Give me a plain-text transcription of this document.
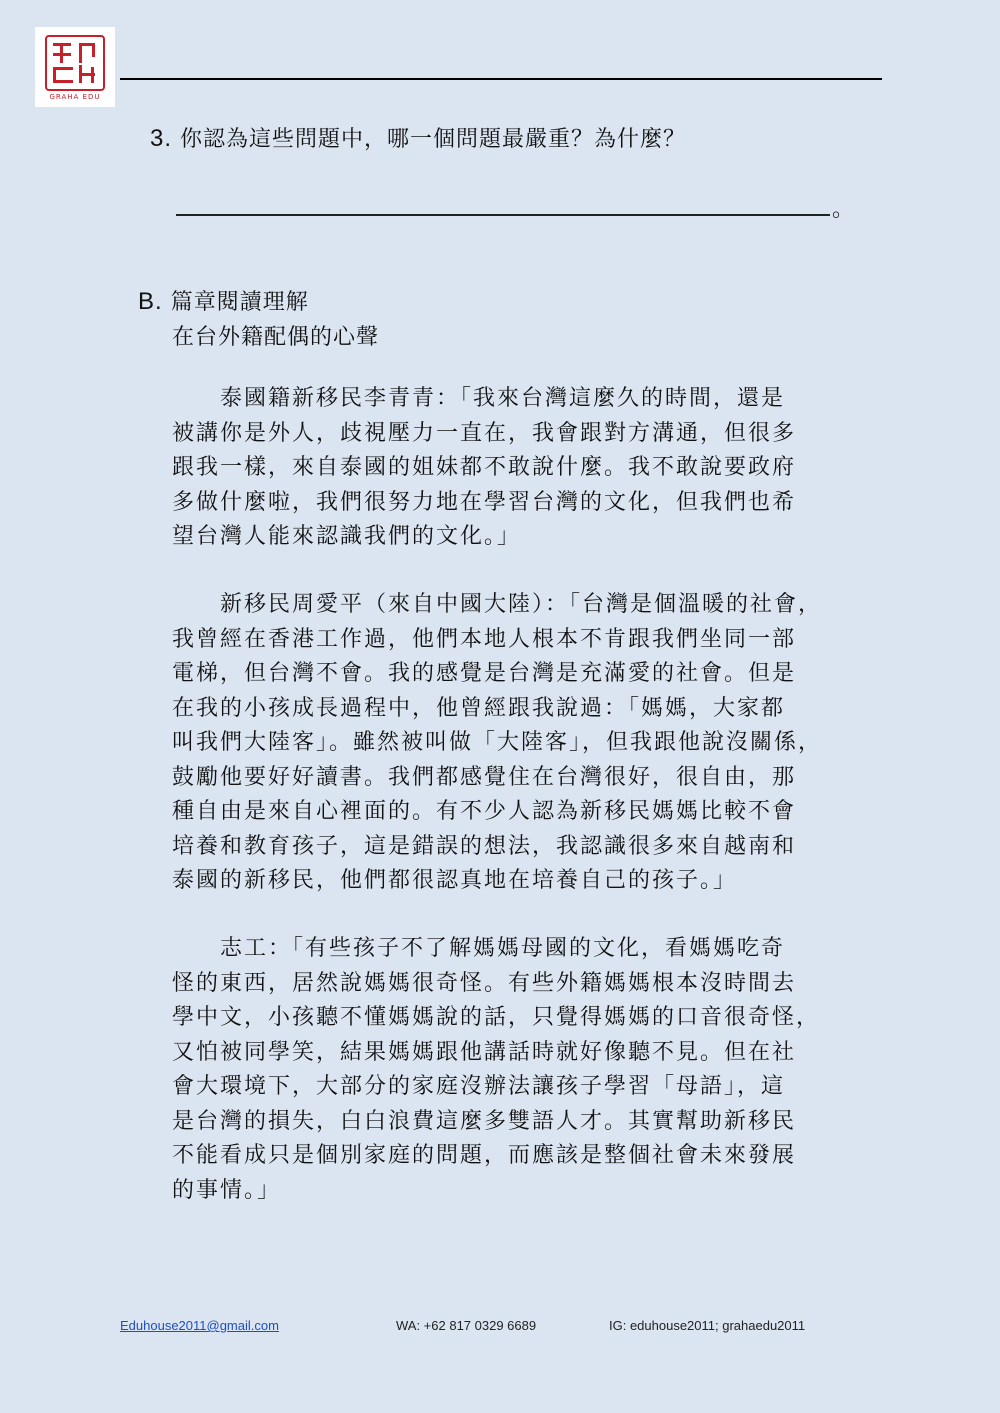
GRAHA EDU
3. 你認為這些問題中，哪一個問題最嚴重？為什麼？
。
B. 篇章閱讀理解
在台外籍配偶的心聲
　　泰國籍新移民李青青：「我來台灣這麼久的時間，還是
被講你是外人，歧視壓力一直在，我會跟對方溝通，但很多
跟我一樣，來自泰國的姐妹都不敢說什麼。我不敢說要政府
多做什麼啦，我們很努力地在學習台灣的文化，但我們也希
望台灣人能來認識我們的文化。」
　　新移民周愛平（來自中國大陸）：「台灣是個溫暖的社會，
我曾經在香港工作過，他們本地人根本不肯跟我們坐同一部
電梯，但台灣不會。我的感覺是台灣是充滿愛的社會。但是
在我的小孩成長過程中，他曾經跟我說過：「媽媽，大家都
叫我們大陸客」。雖然被叫做「大陸客」，但我跟他說沒關係，
鼓勵他要好好讀書。我們都感覺住在台灣很好，很自由，那
種自由是來自心裡面的。有不少人認為新移民媽媽比較不會
培養和教育孩子，這是錯誤的想法，我認識很多來自越南和
泰國的新移民，他們都很認真地在培養自己的孩子。」
　　志工：「有些孩子不了解媽媽母國的文化，看媽媽吃奇
怪的東西，居然說媽媽很奇怪。有些外籍媽媽根本沒時間去
學中文，小孩聽不懂媽媽說的話，只覺得媽媽的口音很奇怪，
又怕被同學笑，結果媽媽跟他講話時就好像聽不見。但在社
會大環境下，大部分的家庭沒辦法讓孩子學習「母語」，這
是台灣的損失，白白浪費這麼多雙語人才。其實幫助新移民
不能看成只是個別家庭的問題，而應該是整個社會未來發展
的事情。」
Eduhouse2011@gmail.com	WA: +62 817 0329 6689	IG: eduhouse2011; grahaedu2011
